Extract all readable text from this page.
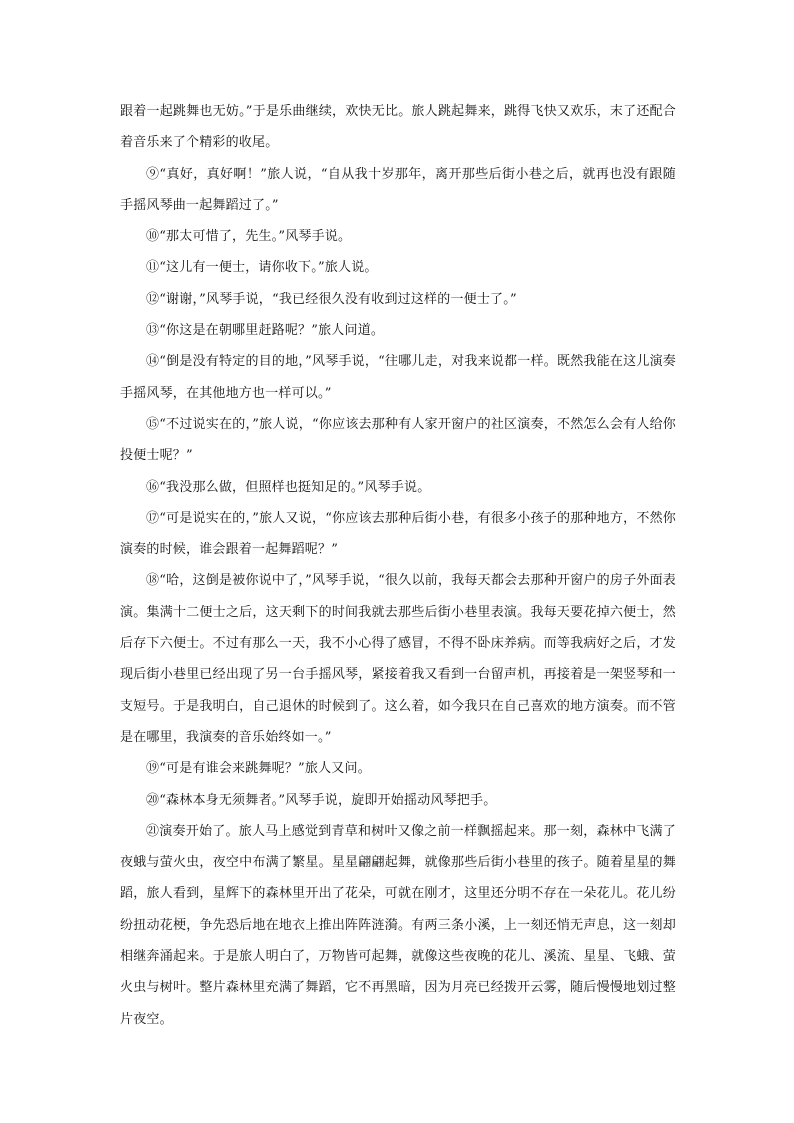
跟着一起跳舞也无妨。”于是乐曲继续，欢快无比。旅人跳起舞来，跳得飞快又欢乐，末了还配合着音乐来了个精彩的收尾。

⑨“真好，真好啊！”旅人说，“自从我十岁那年，离开那些后街小巷之后，就再也没有跟随手摇风琴曲一起舞蹈过了。”

⑩“那太可惜了，先生。”风琴手说。

⑪“这儿有一便士，请你收下。”旅人说。

⑫“谢谢，”风琴手说，“我已经很久没有收到过这样的一便士了。”

⑬“你这是在朝哪里赶路呢？”旅人问道。

⑭“倒是没有特定的目的地，”风琴手说，“往哪儿走，对我来说都一样。既然我能在这儿演奏手摇风琴，在其他地方也一样可以。”

⑮“不过说实在的，”旅人说，“你应该去那种有人家开窗户的社区演奏，不然怎么会有人给你投便士呢？”

⑯“我没那么做，但照样也挺知足的。”风琴手说。

⑰“可是说实在的，”旅人又说，“你应该去那种后街小巷，有很多小孩子的那种地方，不然你演奏的时候，谁会跟着一起舞蹈呢？”

⑱“哈，这倒是被你说中了，”风琴手说，“很久以前，我每天都会去那种开窗户的房子外面表演。集满十二便士之后，这天剩下的时间我就去那些后街小巷里表演。我每天要花掉六便士，然后存下六便士。不过有那么一天，我不小心得了感冒，不得不卧床养病。而等我病好之后，才发现后街小巷里已经出现了另一台手摇风琴，紧接着我又看到一台留声机，再接着是一架竖琴和一支短号。于是我明白，自己退休的时候到了。这么着，如今我只在自己喜欢的地方演奏。而不管是在哪里，我演奏的音乐始终如一。”

⑲“可是有谁会来跳舞呢？”旅人又问。

⑳“森林本身无须舞者。”风琴手说，旋即开始摇动风琴把手。

㉑演奏开始了。旅人马上感觉到青草和树叶又像之前一样飘摇起来。那一刻，森林中飞满了夜蛾与萤火虫，夜空中布满了繁星。星星翩翩起舞，就像那些后街小巷里的孩子。随着星星的舞蹈，旅人看到，星辉下的森林里开出了花朵，可就在刚才，这里还分明不存在一朵花儿。花儿纷纷扭动花梗，争先恐后地在地衣上推出阵阵涟漪。有两三条小溪，上一刻还悄无声息，这一刻却相继奔涌起来。于是旅人明白了，万物皆可起舞，就像这些夜晚的花儿、溪流、星星、飞蛾、萤火虫与树叶。整片森林里充满了舞蹈，它不再黑暗，因为月亮已经拨开云雾，随后慢慢地划过整片夜空。
